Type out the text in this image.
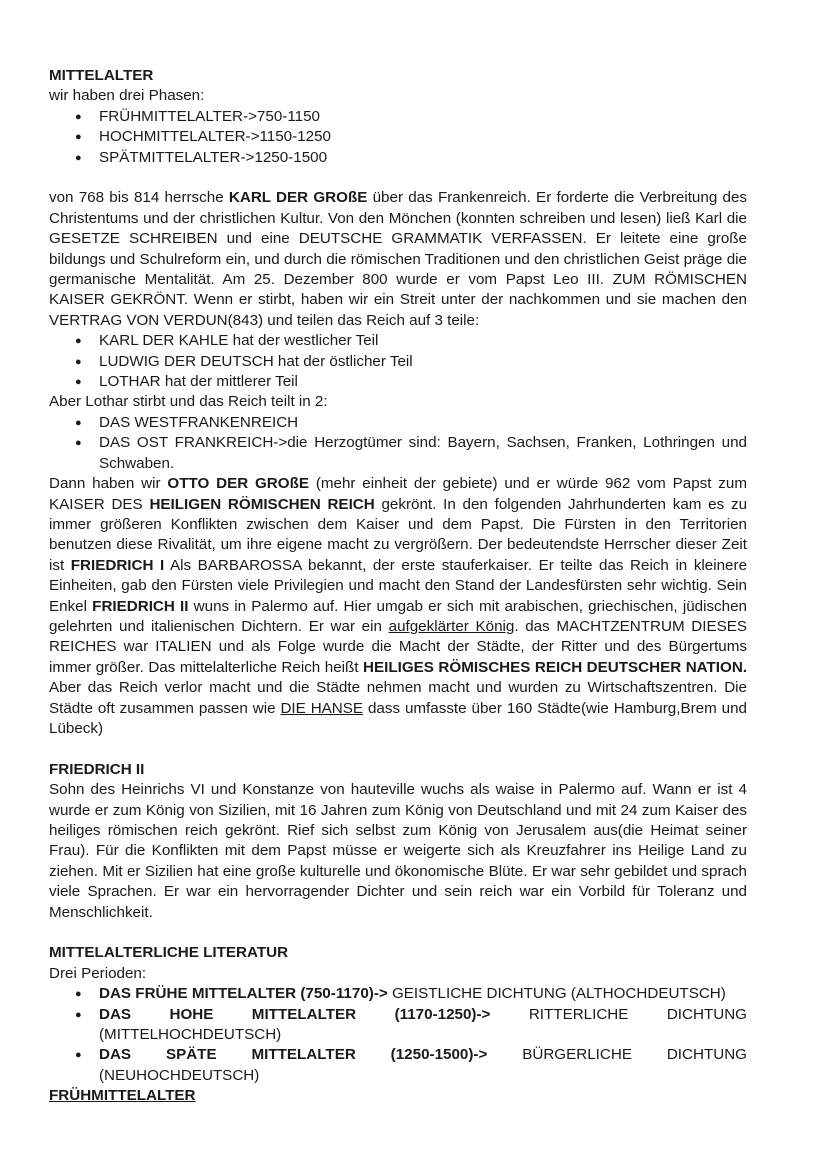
MITTELALTER

wir haben drei Phasen:

● FRÜHMITTELALTER->750-1150
● HOCHMITTELALTER->1150-1250
● SPÄTMITTELALTER->1250-1500

von 768 bis 814 herrsche KARL DER GROßE über das Frankenreich. Er forderte die Verbreitung des Christentums und der christlichen Kultur. Von den Mönchen (konnten schreiben und lesen) ließ Karl die GESETZE SCHREIBEN und eine DEUTSCHE GRAMMATIK VERFASSEN. Er leitete eine große bildungs und Schulreform ein, und durch die römischen Traditionen und den christlichen Geist präge die germanische Mentalität. Am 25. Dezember 800 wurde er vom Papst Leo III. ZUM RÖMISCHEN KAISER GEKRÖNT. Wenn er stirbt, haben wir ein Streit unter der nachkommen und sie machen den VERTRAG VON VERDUN(843) und teilen das Reich auf 3 teile:

● KARL DER KAHLE hat der westlicher Teil
● LUDWIG DER DEUTSCH hat der östlicher Teil
● LOTHAR hat der mittlerer Teil

Aber Lothar stirbt und das Reich teilt in 2:

● DAS WESTFRANKENREICH
● DAS OST FRANKREICH->die Herzogtümer sind: Bayern, Sachsen, Franken, Lothringen und Schwaben.

Dann haben wir OTTO DER GROßE (mehr einheit der gebiete) und er würde 962 vom Papst zum KAISER DES HEILIGEN RÖMISCHEN REICH gekrönt. In den folgenden Jahrhunderten kam es zu immer größeren Konflikten zwischen dem Kaiser und dem Papst. Die Fürsten in den Territorien benutzen diese Rivalität, um ihre eigene macht zu vergrößern. Der bedeutendste Herrscher dieser Zeit ist FRIEDRICH I Als BARBAROSSA bekannt, der erste stauferkaiser. Er teilte das Reich in kleinere Einheiten, gab den Fürsten viele Privilegien und macht den Stand der Landesfürsten sehr wichtig. Sein Enkel FRIEDRICH II wuns in Palermo auf. Hier umgab er sich mit arabischen, griechischen, jüdischen gelehrten und italienischen Dichtern. Er war ein aufgeklärter König. das MACHTZENTRUM DIESES REICHES war ITALIEN und als Folge wurde die Macht der Städte, der Ritter und des Bürgertums immer größer. Das mittelalterliche Reich heißt HEILIGES RÖMISCHES REICH DEUTSCHER NATION. Aber das Reich verlor macht und die Städte nehmen macht und wurden zu Wirtschaftszentren. Die Städte oft zusammen passen wie DIE HANSE dass umfasste über 160 Städte(wie Hamburg,Brem und Lübeck)

FRIEDRICH II

Sohn des Heinrichs VI und Konstanze von hauteville wuchs als waise in Palermo auf. Wann er ist 4 wurde er zum König von Sizilien, mit 16 Jahren zum König von Deutschland und mit 24 zum Kaiser des heiliges römischen reich gekrönt. Rief sich selbst zum König von Jerusalem aus(die Heimat seiner Frau). Für die Konflikten mit dem Papst müsse er weigerte sich als Kreuzfahrer ins Heilige Land zu ziehen. Mit er Sizilien hat eine große kulturelle und ökonomische Blüte. Er war sehr gebildet und sprach viele Sprachen. Er war ein hervorragender Dichter und sein reich war ein Vorbild für Toleranz und Menschlichkeit.

MITTELALTERLICHE LITERATUR

Drei Perioden:

● DAS FRÜHE MITTELALTER (750-1170)-> GEISTLICHE DICHTUNG (ALTHOCHDEUTSCH)
● DAS HOHE MITTELALTER (1170-1250)-> RITTERLICHE DICHTUNG (MITTELHOCHDEUTSCH)
● DAS SPÄTE MITTELALTER (1250-1500)-> BÜRGERLICHE DICHTUNG (NEUHOCHDEUTSCH)

FRÜHMITTELALTER
